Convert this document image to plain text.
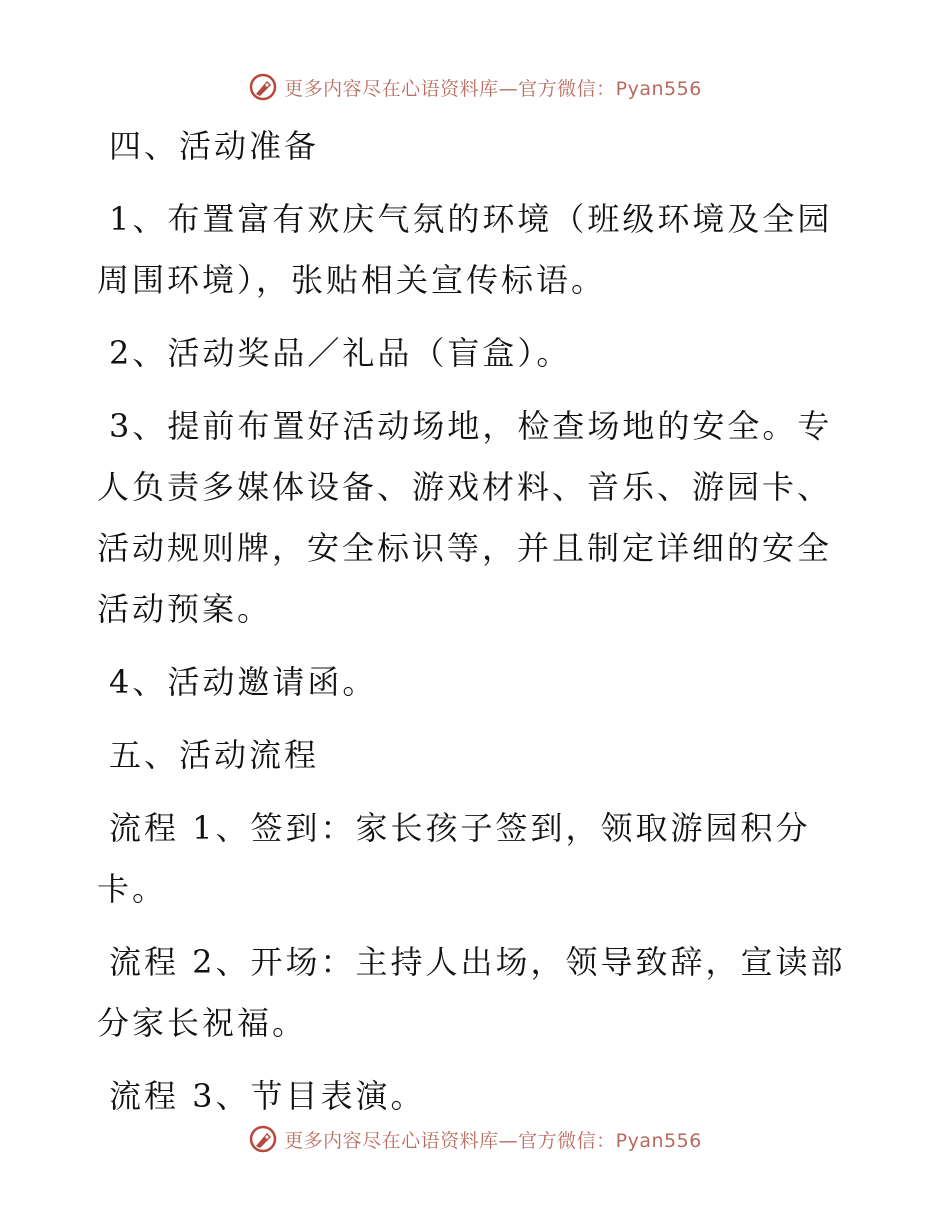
更多内容尽在心语资料库—官方微信：Pyan556

四、活动准备

1、布置富有欢庆气氛的环境（班级环境及全园周围环境），张贴相关宣传标语。

2、活动奖品／礼品（盲盒）。

3、提前布置好活动场地，检查场地的安全。专人负责多媒体设备、游戏材料、音乐、游园卡、活动规则牌，安全标识等，并且制定详细的安全活动预案。

4、活动邀请函。

五、活动流程

流程 1、签到：家长孩子签到，领取游园积分卡。

流程 2、开场：主持人出场，领导致辞，宣读部分家长祝福。

流程 3、节目表演。

更多内容尽在心语资料库—官方微信：Pyan556
